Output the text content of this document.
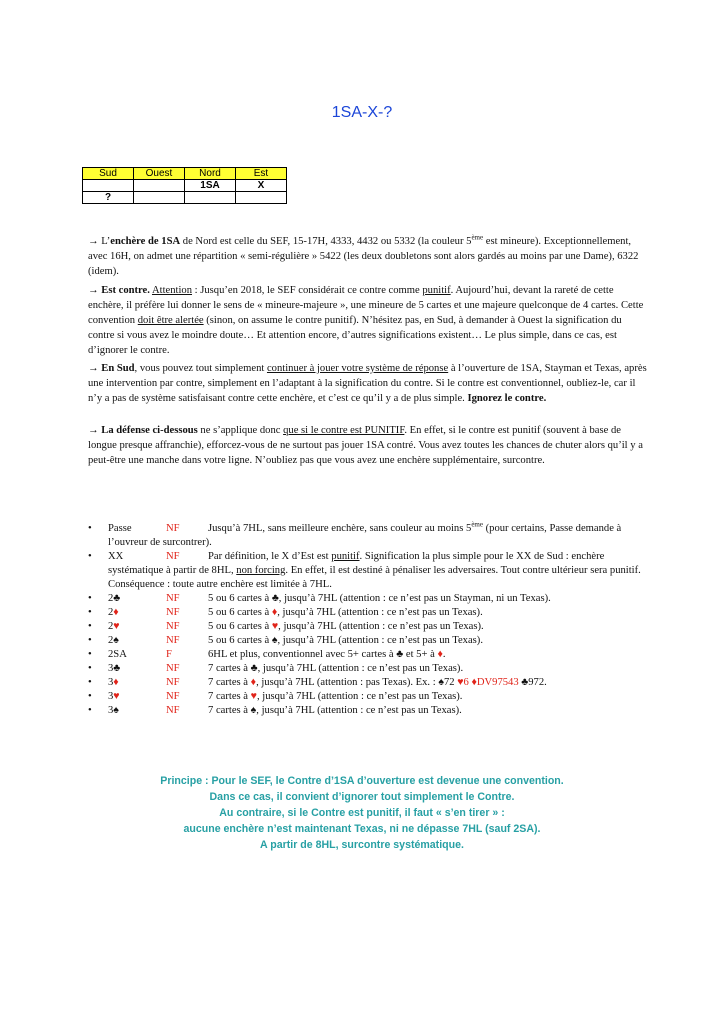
1SA-X-?
Sud	Ouest	Nord	Est
		1SA	X
?			

→ L’enchère de 1SA de Nord est celle du SEF, 15-17H, 4333, 4432 ou 5332 (la couleur 5ème est mineure). Exceptionnellement, avec 16H, on admet une répartition « semi-régulière » 5422 (les deux doubletons sont alors gardés au moins par une Dame), 6322 (idem).

→ Est contre. Attention : Jusqu’en 2018, le SEF considérait ce contre comme punitif. Aujourd’hui, devant la rareté de cette enchère, il préfère lui donner le sens de « mineure-majeure », une mineure de 5 cartes et une majeure quelconque de 4 cartes. Cette convention doit être alertée (sinon, on assume le contre punitif). N’hésitez pas, en Sud, à demander à Ouest la signification du contre si vous avez le moindre doute… Et attention encore, d’autres significations existent… Le plus simple, dans ce cas, est d’ignorer le contre.

→ En Sud, vous pouvez tout simplement continuer à jouer votre système de réponse à l’ouverture de 1SA, Stayman et Texas, après une intervention par contre, simplement en l’adaptant à la signification du contre. Si le contre est conventionnel, oubliez-le, car il n’y a pas de système satisfaisant contre cette enchère, et c’est ce qu’il y a de plus simple. Ignorez le contre.

→ La défense ci-dessous ne s’applique donc que si le contre est PUNITIF. En effet, si le contre est punitif (souvent à base de longue presque affranchie), efforcez-vous de ne surtout pas jouer 1SA contré. Vous avez toutes les chances de chuter alors qu’il y a peut-être une manche dans votre ligne. N’oubliez pas que vous avez une enchère supplémentaire, surcontre.

• Passe	NF	Jusqu’à 7HL, sans meilleure enchère, sans couleur au moins 5ème (pour certains, Passe demande à l’ouvreur de surcontrer).
• XX	NF	Par définition, le X d’Est est punitif. Signification la plus simple pour le XX de Sud : enchère systématique à partir de 8HL, non forcing. En effet, il est destiné à pénaliser les adversaires. Tout contre ultérieur sera punitif. Conséquence : toute autre enchère est limitée à 7HL.
• 2♣	NF	5 ou 6 cartes à ♣, jusqu’à 7HL (attention : ce n’est pas un Stayman, ni un Texas).
• 2♦	NF	5 ou 6 cartes à ♦, jusqu’à 7HL (attention : ce n’est pas un Texas).
• 2♥	NF	5 ou 6 cartes à ♥, jusqu’à 7HL (attention : ce n’est pas un Texas).
• 2♠	NF	5 ou 6 cartes à ♠, jusqu’à 7HL (attention : ce n’est pas un Texas).
• 2SA	F	6HL et plus, conventionnel avec 5+ cartes à ♣ et 5+ à ♦.
• 3♣	NF	7 cartes à ♣, jusqu’à 7HL (attention : ce n’est pas un Texas).
• 3♦	NF	7 cartes à ♦, jusqu’à 7HL (attention : pas Texas). Ex. : ♠72 ♥6 ♦DV97543 ♣972.
• 3♥	NF	7 cartes à ♥, jusqu’à 7HL (attention : ce n’est pas un Texas).
• 3♠	NF	7 cartes à ♠, jusqu’à 7HL (attention : ce n’est pas un Texas).
Principe : Pour le SEF, le Contre d’1SA d’ouverture est devenue une convention.
Dans ce cas, il convient d’ignorer tout simplement le Contre.
Au contraire, si le Contre est punitif, il faut « s’en tirer » :
aucune enchère n’est maintenant Texas, ni ne dépasse 7HL (sauf 2SA).
A partir de 8HL, surcontre systématique.
